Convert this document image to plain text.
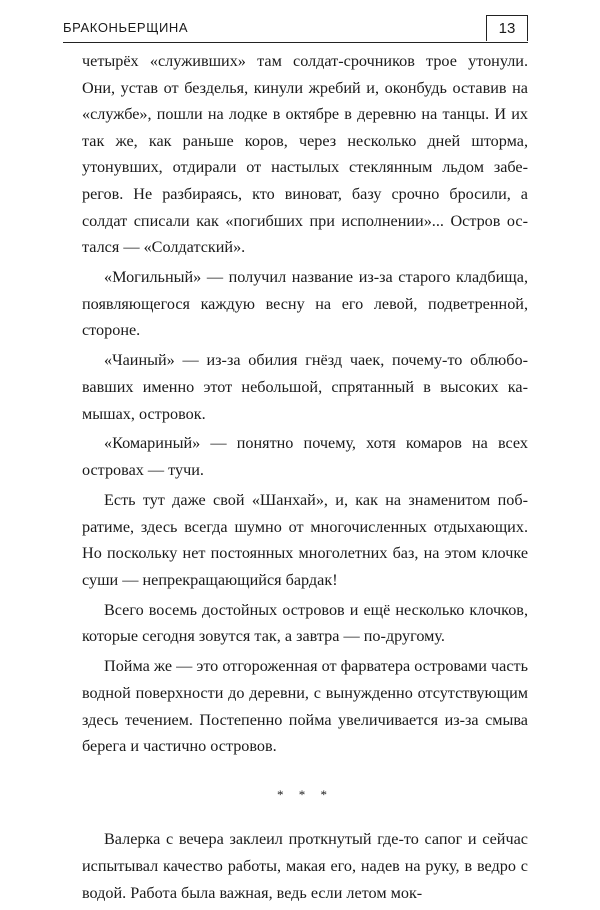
БРАКОНЬЕРЩИНА	13

четырёх «служивших» там солдат-срочников трое утонули. Они, устав от безделья, кинули жребий и, оконбудь оставив на «службе», пошли на лодке в октябре в деревню на танцы. И их так же, как раньше коров, через несколько дней шторма, утонувших, отдирали от настылых стеклянным льдом заберегов. Не разбираясь, кто виноват, базу срочно бросили, а солдат списали как «погибших при исполнении»... Остров остался — «Солдатский».

«Могильный» — получил название из-за старого кладбища, появляющегося каждую весну на его левой, подветренной, стороне.

«Чаиный» — из-за обилия гнёзд чаек, почему-то облюбовавших именно этот небольшой, спрятанный в высоких камышах, островок.

«Комариный» — понятно почему, хотя комаров на всех островах — тучи.

Есть тут даже свой «Шанхай», и, как на знаменитом побратиме, здесь всегда шумно от многочисленных отдыхающих. Но поскольку нет постоянных многолетних баз, на этом клочке суши — непрекращающийся бардак!

Всего восемь достойных островов и ещё несколько клочков, которые сегодня зовутся так, а завтра — по-другому.

Пойма же — это отгороженная от фарватера островами часть водной поверхности до деревни, с вынужденно отсутствующим здесь течением. Постепенно пойма увеличивается из-за смыва берега и частично островов.

* * *

Валерка с вечера заклеил проткнутый где-то сапог и сейчас испытывал качество работы, макая его, надев на руку, в ведро с водой. Работа была важная, ведь если летом мок-
